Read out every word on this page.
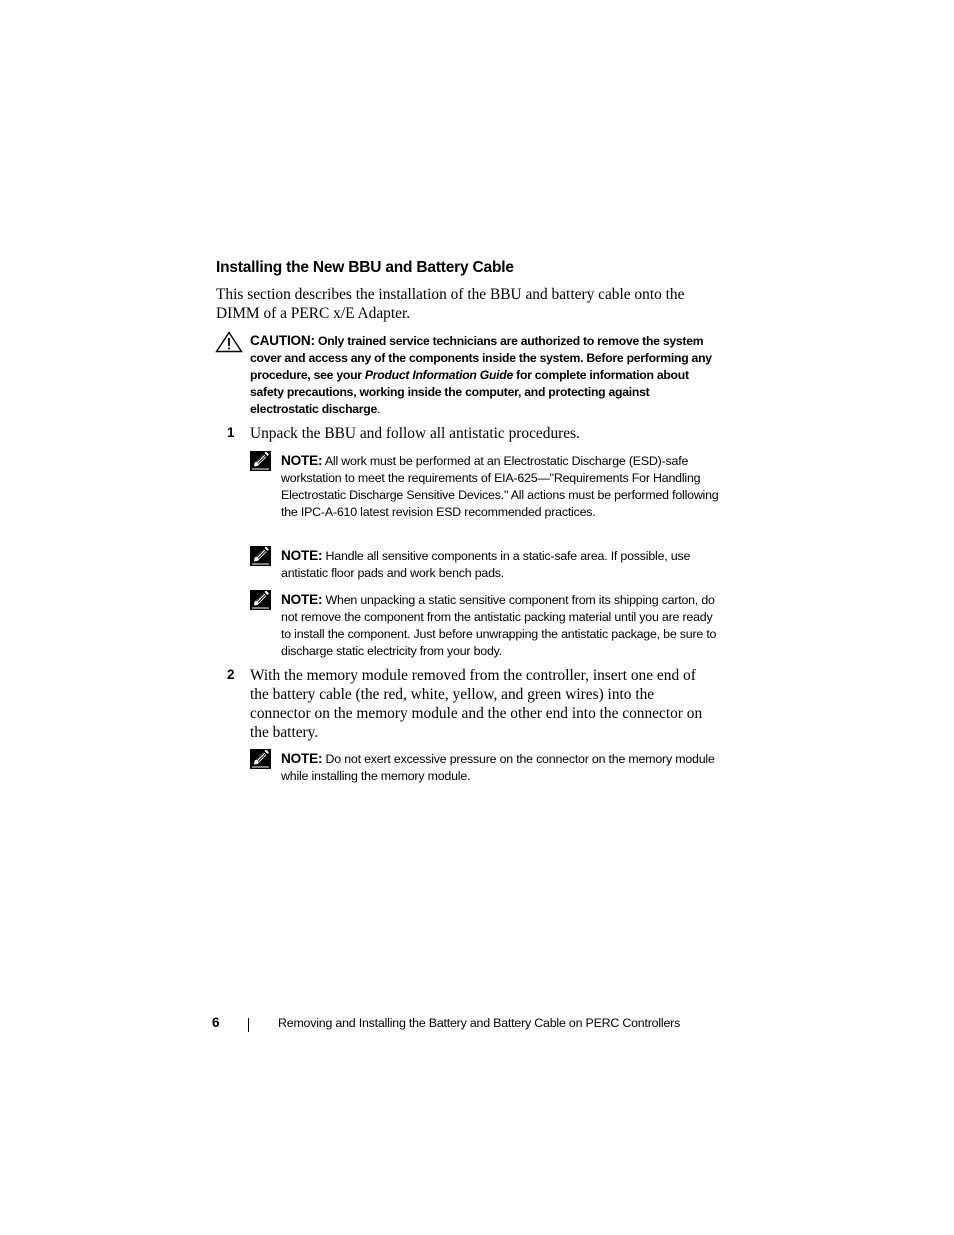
Installing the New BBU and Battery Cable
This section describes the installation of the BBU and battery cable onto the DIMM of a PERC x/E Adapter.
CAUTION: Only trained service technicians are authorized to remove the system cover and access any of the components inside the system. Before performing any procedure, see your Product Information Guide for complete information about safety precautions, working inside the computer, and protecting against electrostatic discharge.
1 Unpack the BBU and follow all antistatic procedures.
NOTE: All work must be performed at an Electrostatic Discharge (ESD)-safe workstation to meet the requirements of EIA-625—"Requirements For Handling Electrostatic Discharge Sensitive Devices." All actions must be performed following the IPC-A-610 latest revision ESD recommended practices.
NOTE: Handle all sensitive components in a static-safe area. If possible, use antistatic floor pads and work bench pads.
NOTE: When unpacking a static sensitive component from its shipping carton, do not remove the component from the antistatic packing material until you are ready to install the component. Just before unwrapping the antistatic package, be sure to discharge static electricity from your body.
2 With the memory module removed from the controller, insert one end of the battery cable (the red, white, yellow, and green wires) into the connector on the memory module and the other end into the connector on the battery.
NOTE: Do not exert excessive pressure on the connector on the memory module while installing the memory module.
6	Removing and Installing the Battery and Battery Cable on PERC Controllers
